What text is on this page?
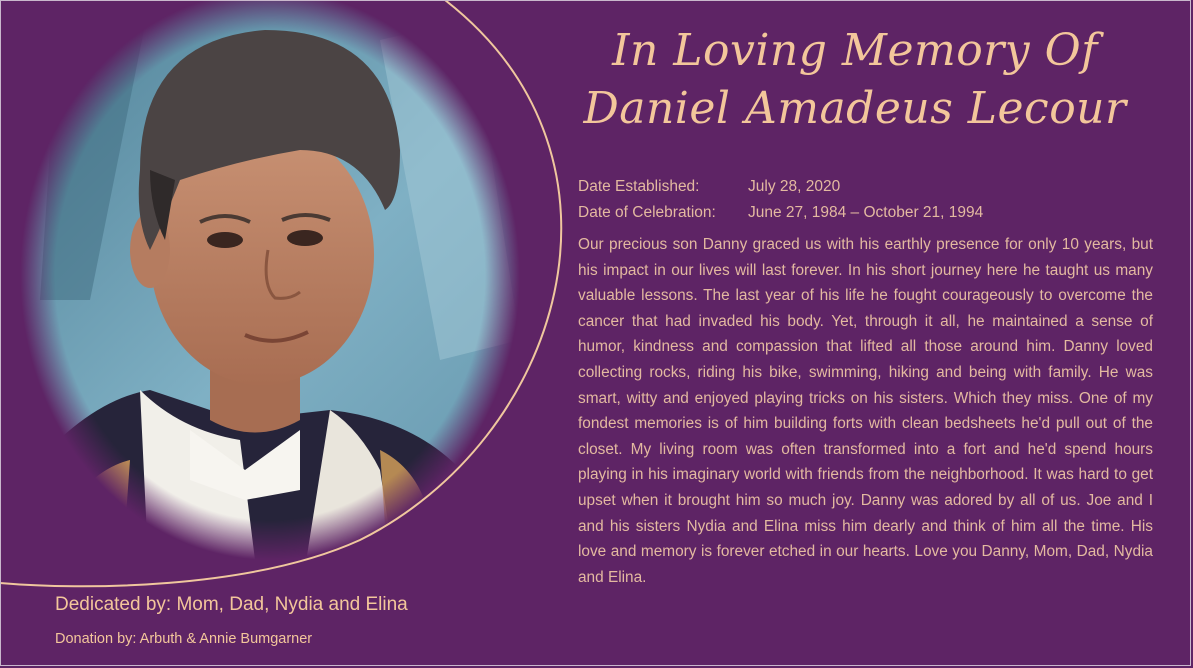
In Loving Memory Of
Daniel Amadeus Lecour
Date Established:	July 28, 2020
Date of Celebration:	June 27, 1984 – October 21, 1994
Our precious son Danny graced us with his earthly presence for only 10 years, but his impact in our lives will last forever. In his short journey here he taught us many valuable lessons. The last year of his life he fought courageously to overcome the cancer that had invaded his body. Yet, through it all, he maintained a sense of humor, kindness and compassion that lifted all those around him. Danny loved collecting rocks, riding his bike, swimming, hiking and being with family. He was smart, witty and enjoyed playing tricks on his sisters. Which they miss. One of my fondest memories is of him building forts with clean bedsheets he'd pull out of the closet. My living room was often transformed into a fort and he'd spend hours playing in his imaginary world with friends from the neighborhood. It was hard to get upset when it brought him so much joy. Danny was adored by all of us. Joe and I and his sisters Nydia and Elina miss him dearly and think of him all the time. His love and memory is forever etched in our hearts. Love you Danny, Mom, Dad, Nydia and Elina.
Dedicated by: Mom, Dad, Nydia and Elina
Donation by: Arbuth & Annie Bumgarner
